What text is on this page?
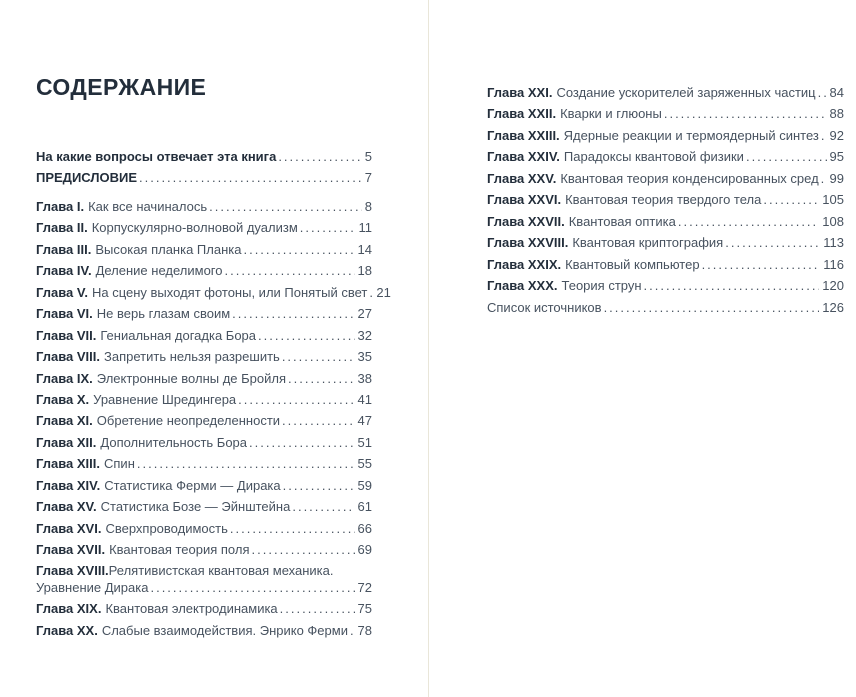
СОДЕРЖАНИЕ
На какие вопросы отвечает эта книга .....	5
ПРЕДИСЛОВИЕ .....	7
Глава I. Как все начиналось .....	8
Глава II. Корпускулярно-волновой дуализм .....	11
Глава III. Высокая планка Планка .....	14
Глава IV. Деление неделимого .....	18
Глава V. На сцену выходят фотоны, или Понятый свет ..... 21
Глава VI. Не верь глазам своим .....	27
Глава VII. Гениальная догадка Бора .....	32
Глава VIII. Запретить нельзя разрешить .....	35
Глава IX. Электронные волны де Бройля .....	38
Глава X. Уравнение Шредингера .....	41
Глава XI. Обретение неопределенности .....	47
Глава XII. Дополнительность Бора .....	51
Глава XIII. Спин .....	55
Глава XIV. Статистика Ферми — Дирака .....	59
Глава XV. Статистика Бозе — Эйнштейна .....	61
Глава XVI. Сверхпроводимость .....	66
Глава XVII. Квантовая теория поля .....	69
Глава XVIII. Релятивистская квантовая механика.
Уравнение Дирака .....	72
Глава XIX. Квантовая электродинамика .....	75
Глава XX. Слабые взаимодействия. Энрико Ферми ..... 78
Глава XXI. Создание ускорителей заряженных частиц ..... 84
Глава XXII. Кварки и глюоны .....	88
Глава XXIII. Ядерные реакции и термоядерный синтез ..... 92
Глава XXIV. Парадоксы квантовой физики .....	95
Глава XXV. Квантовая теория конденсированных сред ..... 99
Глава XXVI. Квантовая теория твердого тела .....	105
Глава XXVII. Квантовая оптика .....	108
Глава XXVIII. Квантовая криптография .....	113
Глава XXIX. Квантовый компьютер .....	116
Глава XXX. Теория струн .....	120
Список источников .....	126
